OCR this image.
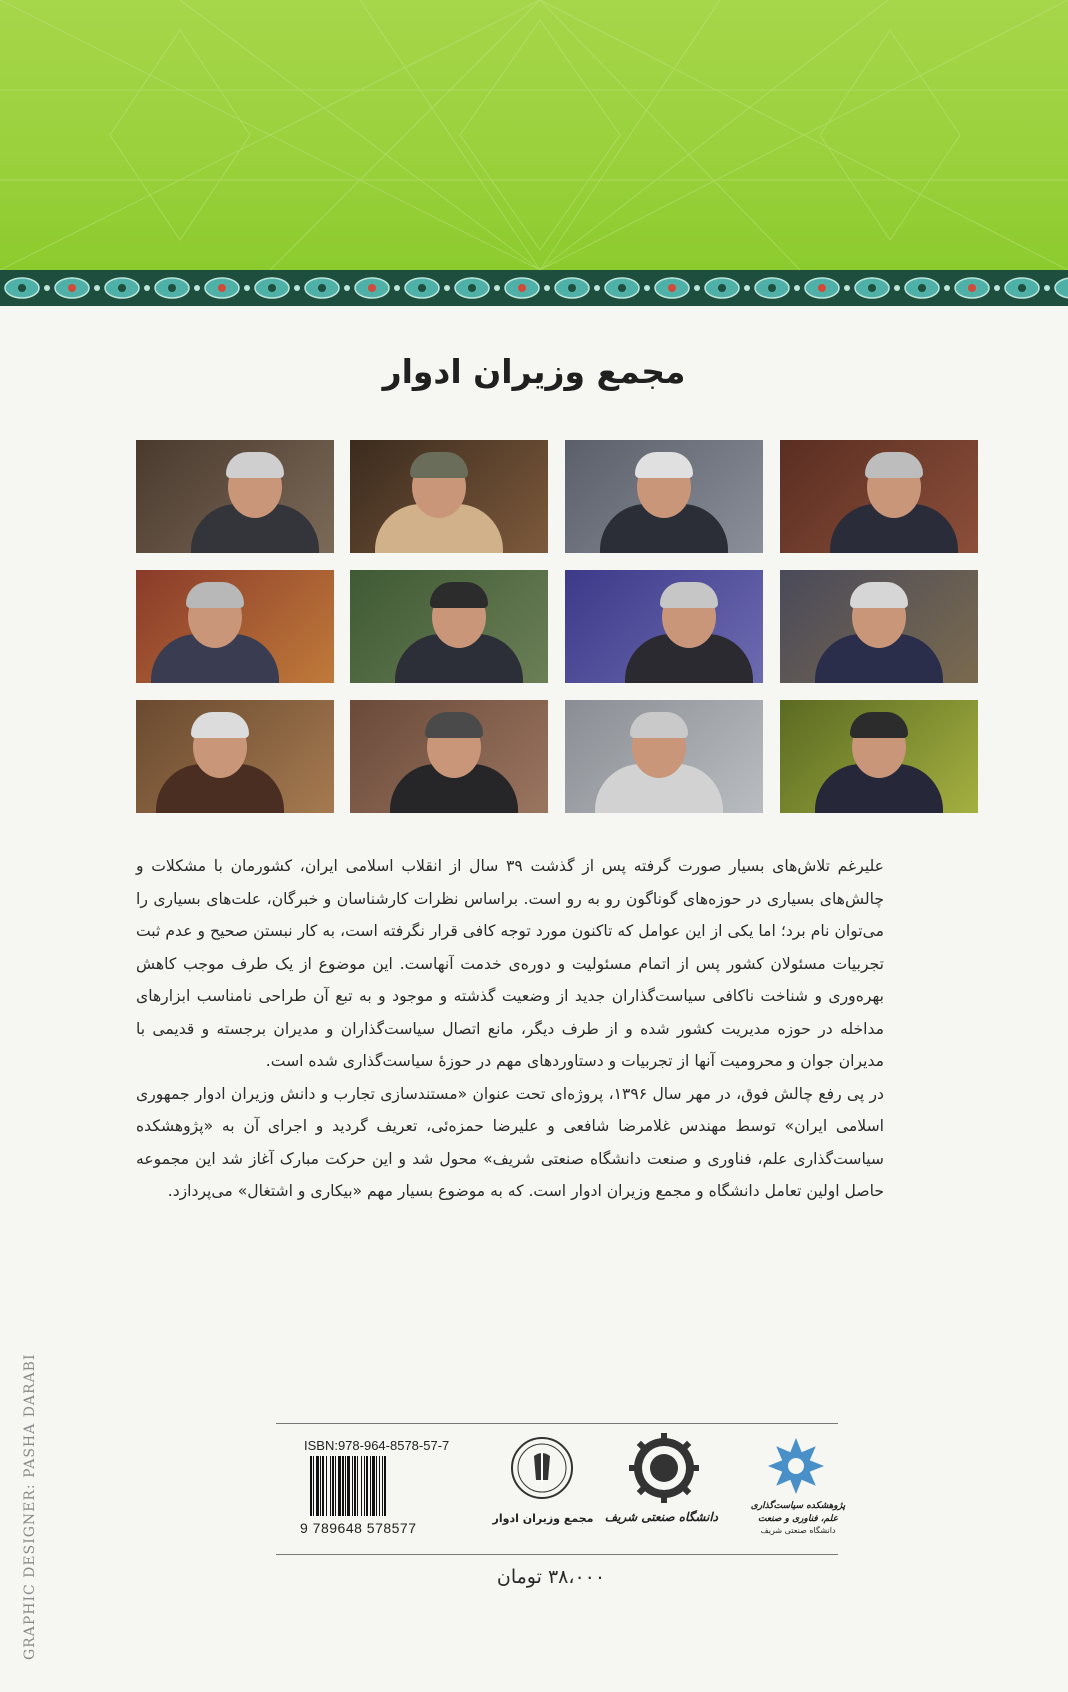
مجمع وزیران ادوار

علیرغم تلاش‌های بسیار صورت گرفته پس از گذشت ۳۹ سال از انقلاب اسلامی ایران، کشورمان با مشکلات و چالش‌های بسیاری در حوزه‌های گوناگون رو به رو است. براساس نظرات کارشناسان و خبرگان، علت‌های بسیاری را می‌توان نام برد؛ اما یکی از این عوامل که تاکنون مورد توجه کافی قرار نگرفته است، به کار نبستن صحیح و عدم ثبت تجربیات مسئولان کشور پس از اتمام مسئولیت و دوره‌ی خدمت آنهاست. این موضوع از یک طرف موجب کاهش بهره‌وری و شناخت ناکافی سیاست‌گذاران جدید از وضعیت گذشته و موجود و به تبع آن طراحی نامناسب ابزارهای مداخله در حوزه مدیریت کشور شده و از طرف دیگر، مانع اتصال سیاست‌گذاران و مدیران برجسته و قدیمی با مدیران جوان و محرومیت آنها از تجربیات و دستاوردهای مهم در حوزهٔ سیاست‌گذاری شده است.

در پی رفع چالش فوق، در مهر سال ۱۳۹۶، پروژه‌ای تحت عنوان «مستندسازی تجارب و دانش وزیران ادوار جمهوری اسلامی ایران» توسط مهندس غلامرضا شافعی و علیرضا حمزه‌ئی، تعریف گردید و اجرای آن به «پژوهشکده سیاست‌گذاری علم، فناوری و صنعت دانشگاه صنعتی شریف» محول شد و این حرکت مبارک آغاز شد این مجموعه حاصل اولین تعامل دانشگاه و مجمع وزیران ادوار است. که به موضوع بسیار مهم «بیکاری و اشتغال» می‌پردازد.

ISBN:978-964-8578-57-7
9 789648 578577
مجمع وزیران ادوار دانشگاه صنعتی شریف
پژوهشکده سیاست‌گذاری علم، فناوری و صنعت
دانشگاه صنعتی شریف
۳۸،۰۰۰ تومان
GRAPHIC DESIGNER: PASHA DARABI
